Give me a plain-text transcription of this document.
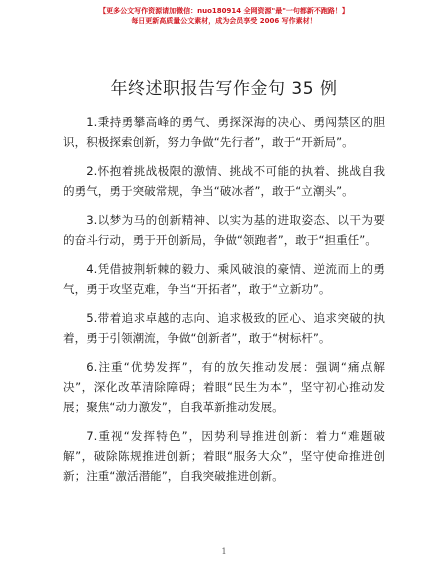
【更多公文写作资源请加微信：nuo180914 全网资源"最"一句都新不跑路！】
每日更新高质量公文素材，成为会员享受 2006 写作素材！
年终述职报告写作金句 35 例

1.秉持勇攀高峰的勇气、勇探深海的决心、勇闯禁区的胆识，积极探索创新，努力争做“先行者”，敢于“开新局”。

2.怀抱着挑战极限的激情、挑战不可能的执着、挑战自我的勇气，勇于突破常规，争当“破冰者”，敢于“立潮头”。

3.以梦为马的创新精神、以实为基的进取姿态、以干为要的奋斗行动，勇于开创新局，争做“领跑者”，敢于“担重任”。

4.凭借披荆斩棘的毅力、乘风破浪的豪情、逆流而上的勇气，勇于攻坚克难，争当“开拓者”，敢于“立新功”。

5.带着追求卓越的志向、追求极致的匠心、追求突破的执着，勇于引领潮流，争做“创新者”，敢于“树标杆”。

6.注重“优势发挥”，有的放矢推动发展：强调“痛点解决”，深化改革清除障碍；着眼“民生为本”，坚守初心推动发展；聚焦“动力激发”，自我革新推动发展。

7.重视“发挥特色”，因势利导推进创新：着力“难题破解”，破除陈规推进创新；着眼“服务大众”，坚守使命推进创新；注重“激活潜能”，自我突破推进创新。

1
